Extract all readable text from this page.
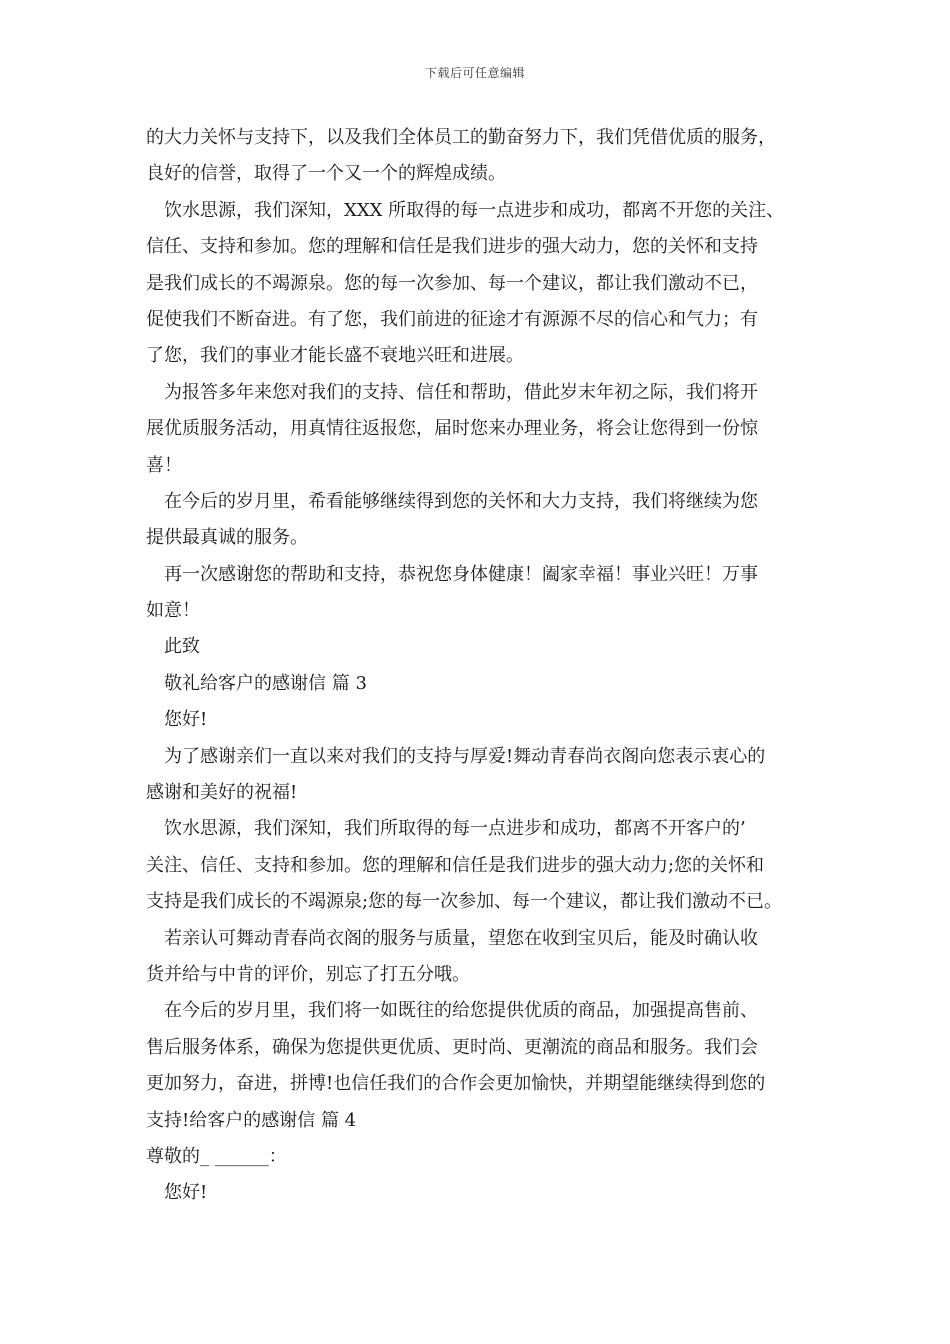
下载后可任意编辑
的大力关怀与支持下，以及我们全体员工的勤奋努力下，我们凭借优质的服务，
良好的信誉，取得了一个又一个的辉煌成绩。
饮水思源，我们深知，XXX 所取得的每一点进步和成功，都离不开您的关注、
信任、支持和参加。您的理解和信任是我们进步的强大动力，您的关怀和支持
是我们成长的不竭源泉。您的每一次参加、每一个建议，都让我们激动不已，
促使我们不断奋进。有了您，我们前进的征途才有源源不尽的信心和气力；有
了您，我们的事业才能长盛不衰地兴旺和进展。
为报答多年来您对我们的支持、信任和帮助，借此岁末年初之际，我们将开
展优质服务活动，用真情往返报您，届时您来办理业务，将会让您得到一份惊
喜！
在今后的岁月里，希看能够继续得到您的关怀和大力支持，我们将继续为您
提供最真诚的服务。
再一次感谢您的帮助和支持，恭祝您身体健康！阖家幸福！事业兴旺！万事
如意！
此致
敬礼给客户的感谢信 篇 3
您好!
为了感谢亲们一直以来对我们的支持与厚爱!舞动青春尚衣阁向您表示衷心的
感谢和美好的祝福!
饮水思源，我们深知，我们所取得的每一点进步和成功，都离不开客户的’
关注、信任、支持和参加。您的理解和信任是我们进步的强大动力;您的关怀和
支持是我们成长的不竭源泉;您的每一次参加、每一个建议，都让我们激动不已。
若亲认可舞动青春尚衣阁的服务与质量，望您在收到宝贝后，能及时确认收
货并给与中肯的评价，别忘了打五分哦。
在今后的岁月里，我们将一如既往的给您提供优质的商品，加强提高售前、
售后服务体系，确保为您提供更优质、更时尚、更潮流的商品和服务。我们会
更加努力，奋进，拼博!也信任我们的合作会更加愉快，并期望能继续得到您的
支持!给客户的感谢信 篇 4
尊敬的_ ______：
您好!
